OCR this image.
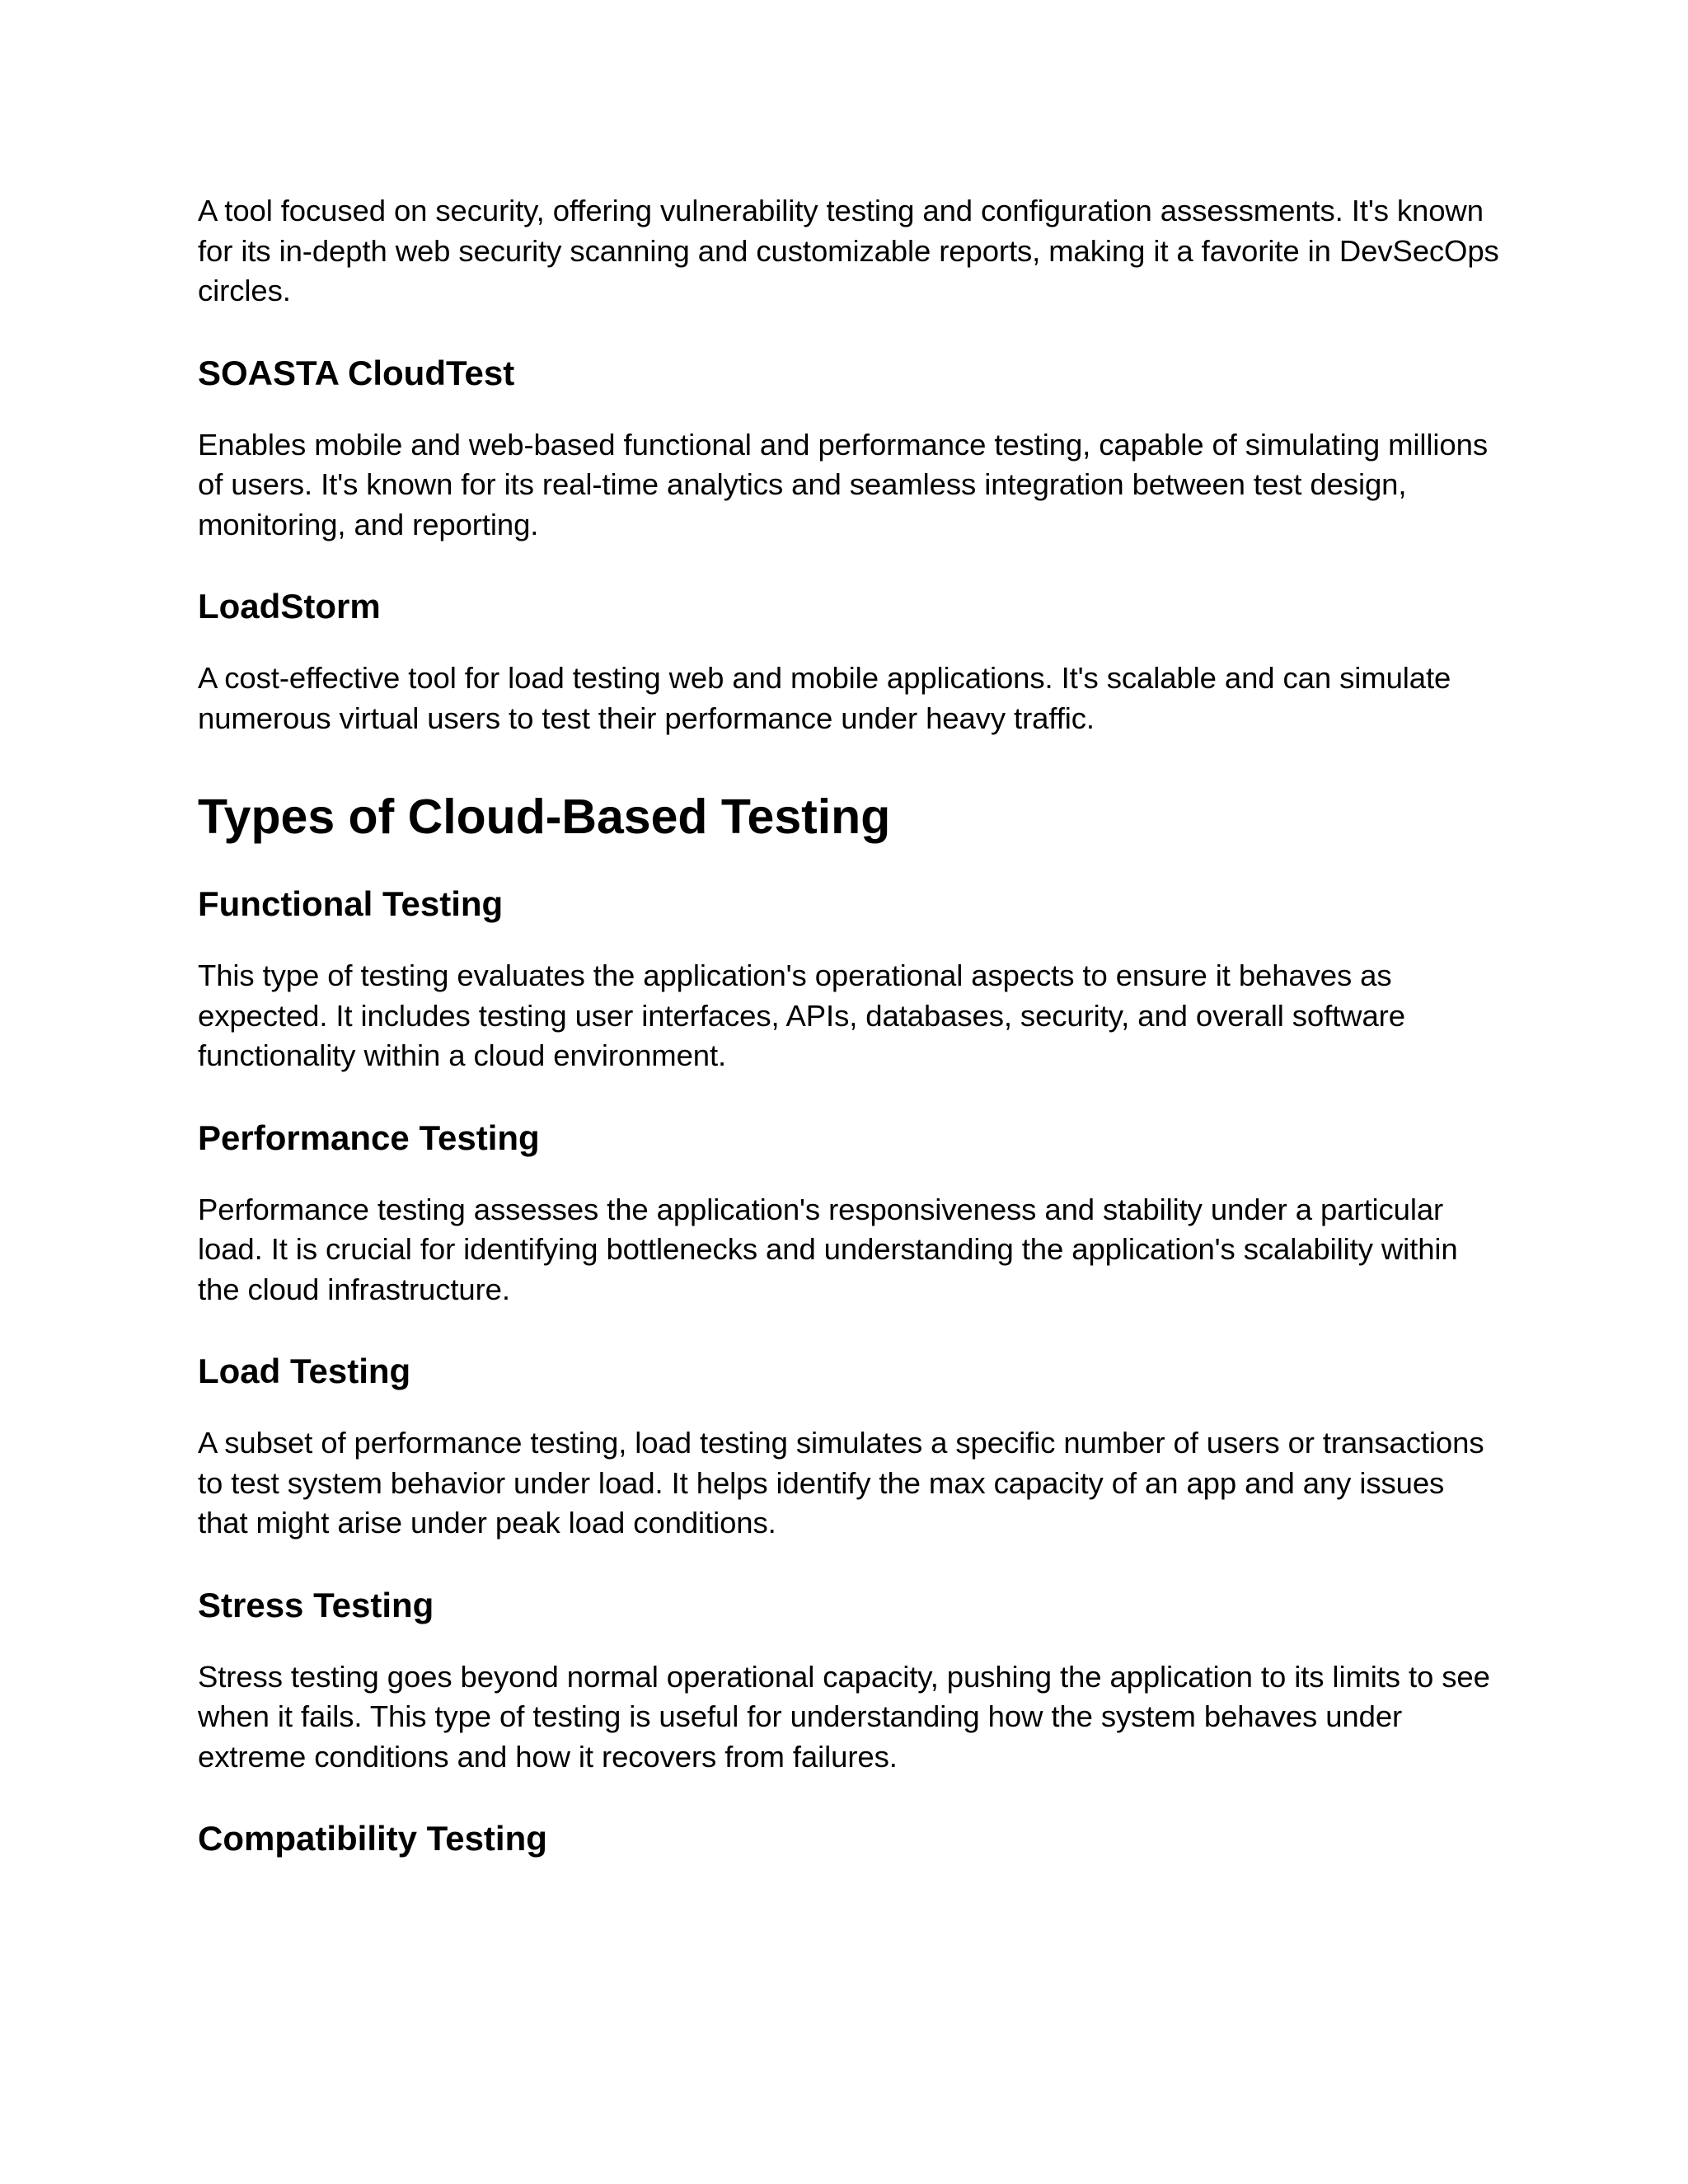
A tool focused on security, offering vulnerability testing and configuration assessments. It's known for its in-depth web security scanning and customizable reports, making it a favorite in DevSecOps circles.

SOASTA CloudTest

Enables mobile and web-based functional and performance testing, capable of simulating millions of users. It's known for its real-time analytics and seamless integration between test design, monitoring, and reporting.

LoadStorm

A cost-effective tool for load testing web and mobile applications. It's scalable and can simulate numerous virtual users to test their performance under heavy traffic.

Types of Cloud-Based Testing
Functional Testing

This type of testing evaluates the application's operational aspects to ensure it behaves as expected. It includes testing user interfaces, APIs, databases, security, and overall software functionality within a cloud environment.

Performance Testing

Performance testing assesses the application's responsiveness and stability under a particular load. It is crucial for identifying bottlenecks and understanding the application's scalability within the cloud infrastructure.

Load Testing

A subset of performance testing, load testing simulates a specific number of users or transactions to test system behavior under load. It helps identify the max capacity of an app and any issues that might arise under peak load conditions.

Stress Testing

Stress testing goes beyond normal operational capacity, pushing the application to its limits to see when it fails. This type of testing is useful for understanding how the system behaves under extreme conditions and how it recovers from failures.

Compatibility Testing
